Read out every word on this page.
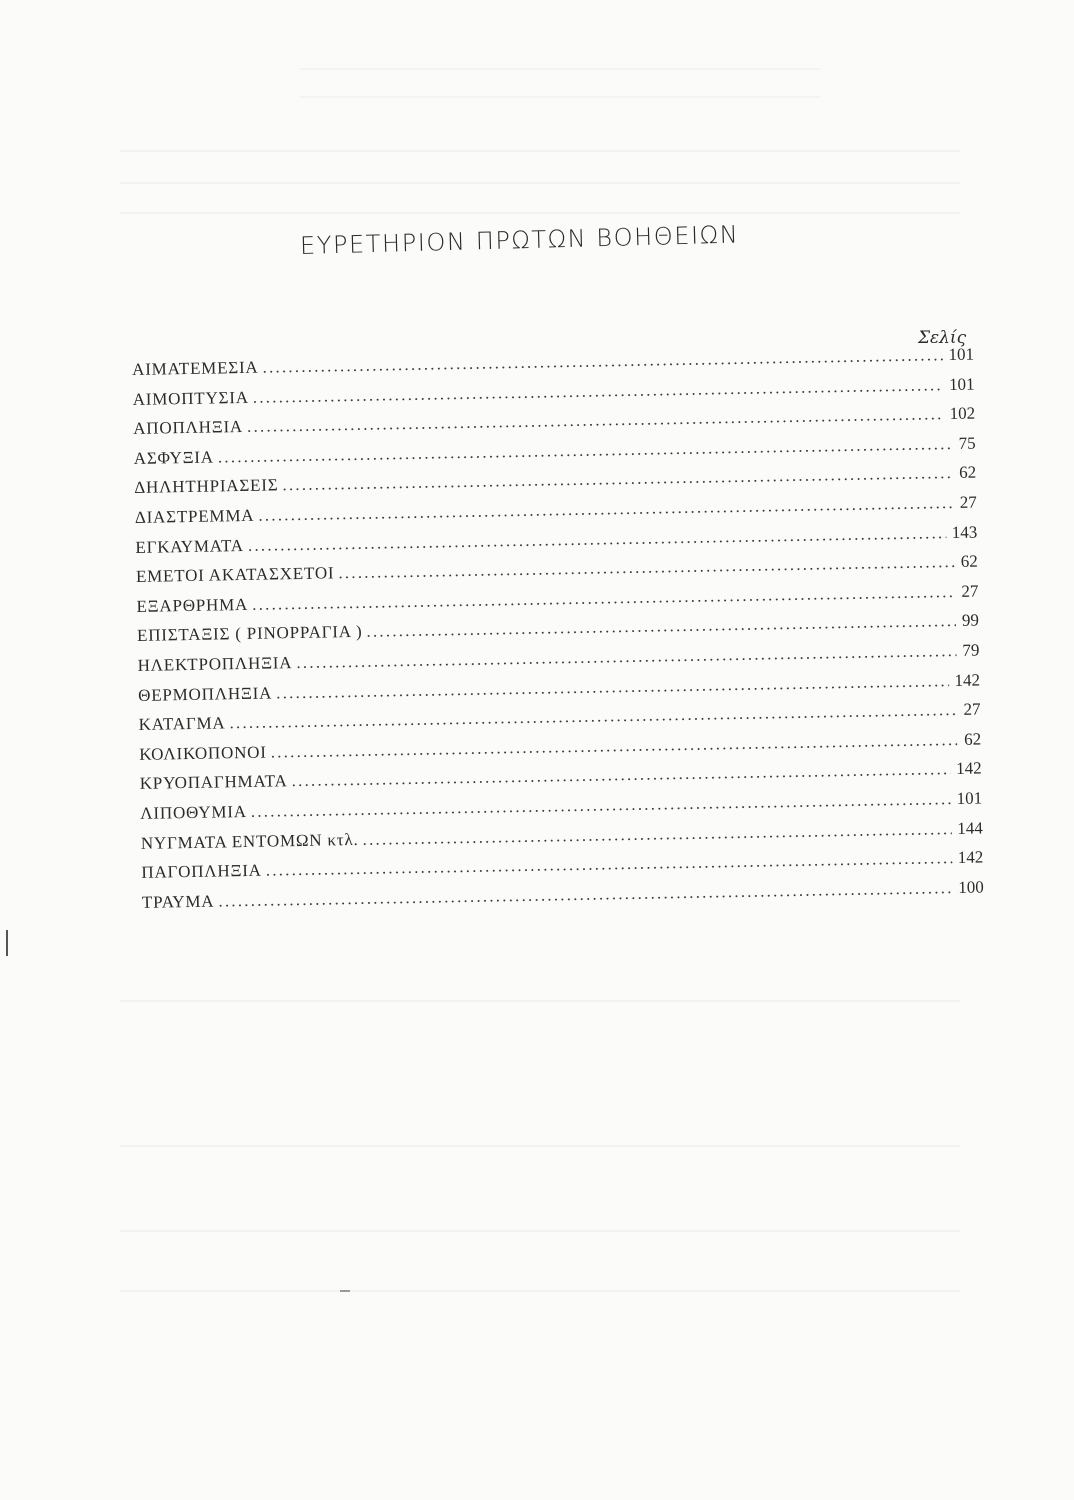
ΕΥΡΕΤΗΡΙΟΝ ΠΡΩΤΩΝ ΒΟΗΘΕΙΩΝ
Σελίς
ΑΙΜΑΤΕΜΕΣΙΑ
.....
101
ΑΙΜΟΠΤΥΣΙΑ
.....
101
ΑΠΟΠΛΗΞΙΑ
.....
102
ΑΣΦΥΞΙΑ
.....
75
ΔΗΛΗΤΗΡΙΑΣΕΙΣ
.....
62
ΔΙΑΣΤΡΕΜΜΑ
.....
27
ΕΓΚΑΥΜΑΤΑ
.....
143
ΕΜΕΤΟΙ ΑΚΑΤΑΣΧΕΤΟΙ
.....
62
ΕΞΑΡΘΡΗΜΑ
.....
27
ΕΠΙΣΤΑΞΙΣ ( ΡΙΝΟΡΡΑΓΙΑ )
.....
99
ΗΛΕΚΤΡΟΠΛΗΞΙΑ
.....
79
ΘΕΡΜΟΠΛΗΞΙΑ
.....
142
ΚΑΤΑΓΜΑ
.....
27
ΚΟΛΙΚΟΠΟΝΟΙ
.....
62
ΚΡΥΟΠΑΓΗΜΑΤΑ
.....
142
ΛΙΠΟΘΥΜΙΑ
.....
101
ΝΥΓΜΑΤΑ ΕΝΤΟΜΩΝ κτλ.
.....
144
ΠΑΓΟΠΛΗΞΙΑ
.....
142
ΤΡΑΥΜΑ
.....
100
